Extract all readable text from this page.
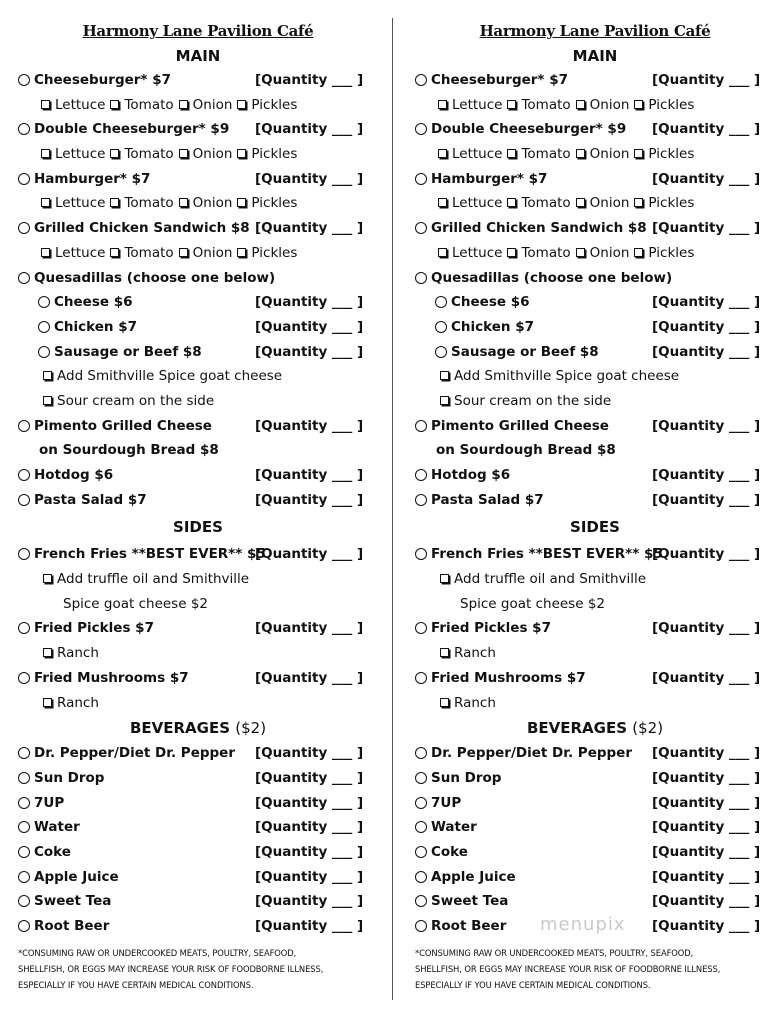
Harmony Lane Pavilion Café
MAIN
Cheeseburger* $7	[Quantity ___ ]
Lettuce Tomato Onion Pickles
Double Cheeseburger* $9 [Quantity ___ ]
Lettuce Tomato Onion Pickles
Hamburger* $7	[Quantity ___ ]
Lettuce Tomato Onion Pickles
Grilled Chicken Sandwich $8 [Quantity ___ ]
Lettuce Tomato Onion Pickles
Quesadillas (choose one below)
Cheese $6	[Quantity ___ ]
Chicken $7	[Quantity ___ ]
Sausage or Beef $8	[Quantity ___ ]
Add Smithville Spice goat cheese
Sour cream on the side
Pimento Grilled Cheese	[Quantity ___ ]
on Sourdough Bread $8
Hotdog $6	[Quantity ___ ]
Pasta Salad $7	[Quantity ___ ]
SIDES
French Fries **BEST EVER** $5
[Quantity ___ ]
Add truffle oil and Smithville
Spice goat cheese $2
Fried Pickles $7	[Quantity ___ ]
Ranch
Fried Mushrooms $7	[Quantity ___ ]
Ranch
BEVERAGES ($2)
Dr. Pepper/Diet Dr. Pepper [Quantity ___ ]
Sun Drop	[Quantity ___ ]
7UP	[Quantity ___ ]
Water	[Quantity ___ ]
Coke	[Quantity ___ ]
Apple Juice	[Quantity ___ ]
Sweet Tea	[Quantity ___ ]
Root Beer	[Quantity ___ ]
*CONSUMING RAW OR UNDERCOOKED MEATS, POULTRY, SEAFOOD,
SHELLFISH, OR EGGS MAY INCREASE YOUR RISK OF FOODBORNE ILLNESS,
ESPECIALLY IF YOU HAVE CERTAIN MEDICAL CONDITIONS.
Harmony Lane Pavilion Café
MAIN
Cheeseburger* $7	[Quantity ___ ]
Lettuce Tomato Onion Pickles
Double Cheeseburger* $9 [Quantity ___ ]
Lettuce Tomato Onion Pickles
Hamburger* $7	[Quantity ___ ]
Lettuce Tomato Onion Pickles
Grilled Chicken Sandwich $8 [Quantity ___ ]
Lettuce Tomato Onion Pickles
Quesadillas (choose one below)
Cheese $6	[Quantity ___ ]
Chicken $7	[Quantity ___ ]
Sausage or Beef $8	[Quantity ___ ]
Add Smithville Spice goat cheese
Sour cream on the side
Pimento Grilled Cheese	[Quantity ___ ]
on Sourdough Bread $8
Hotdog $6	[Quantity ___ ]
Pasta Salad $7	[Quantity ___ ]
SIDES
French Fries **BEST EVER** $5
[Quantity ___ ]
Add truffle oil and Smithville
Spice goat cheese $2
Fried Pickles $7	[Quantity ___ ]
Ranch
Fried Mushrooms $7	[Quantity ___ ]
Ranch
BEVERAGES ($2)
Dr. Pepper/Diet Dr. Pepper [Quantity ___ ]
Sun Drop	[Quantity ___ ]
7UP	[Quantity ___ ]
Water	[Quantity ___ ]
Coke	[Quantity ___ ]
Apple Juice	[Quantity ___ ]
Sweet Tea	[Quantity ___ ]
Root Beer	[Quantity ___ ]
*CONSUMING RAW OR UNDERCOOKED MEATS, POULTRY, SEAFOOD,
SHELLFISH, OR EGGS MAY INCREASE YOUR RISK OF FOODBORNE ILLNESS,
ESPECIALLY IF YOU HAVE CERTAIN MEDICAL CONDITIONS.
menupix
